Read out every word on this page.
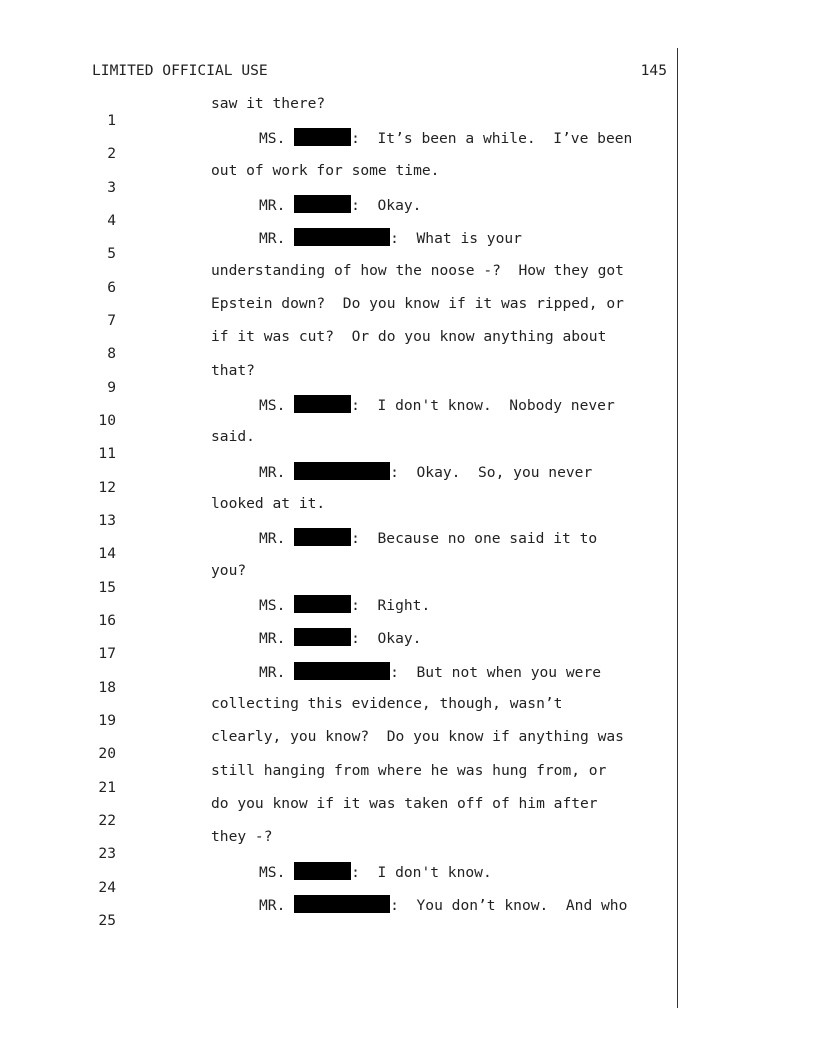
LIMITED OFFICIAL USE	145

1

saw it there?

2

MS.	:  It’s been a while.  I’ve been

3

out of work for some time.

4

MR.	:  Okay.

5

MR.	:  What is your

6

understanding of how the noose -?  How they got

7

Epstein down?  Do you know if it was ripped, or

8

if it was cut?  Or do you know anything about

9

that?

10

MS.	:  I don't know.  Nobody never

11

said.

12

MR.	:  Okay.  So, you never

13

looked at it.

14

MR.	:  Because no one said it to

15

you?

16

MS.	:  Right.

17

MR.	:  Okay.

18

MR.	:  But not when you were

19

collecting this evidence, though, wasn’t

20

clearly, you know?  Do you know if anything was

21

still hanging from where he was hung from, or

22

do you know if it was taken off of him after

23

they -?

24

MS.	:  I don't know.

25

MR.	:  You don’t know.  And who
